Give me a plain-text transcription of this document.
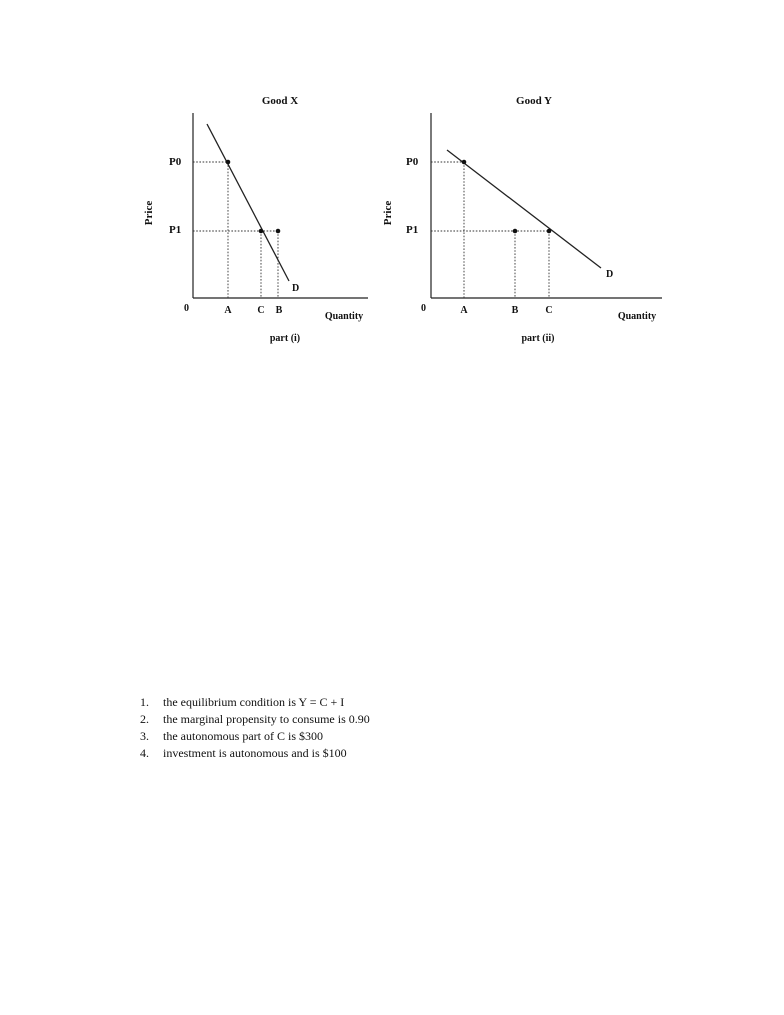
Good X
Price
P0
P1
0
D
A	C B
Quantity
part (i)
Good Y
Price
P0
P1
0
D
A	B	C
Quantity
part (ii)
1.	the equilibrium condition is Y = C + I
2.	the marginal propensity to consume is 0.90
3.	the autonomous part of C is $300
4.	investment is autonomous and is $100
